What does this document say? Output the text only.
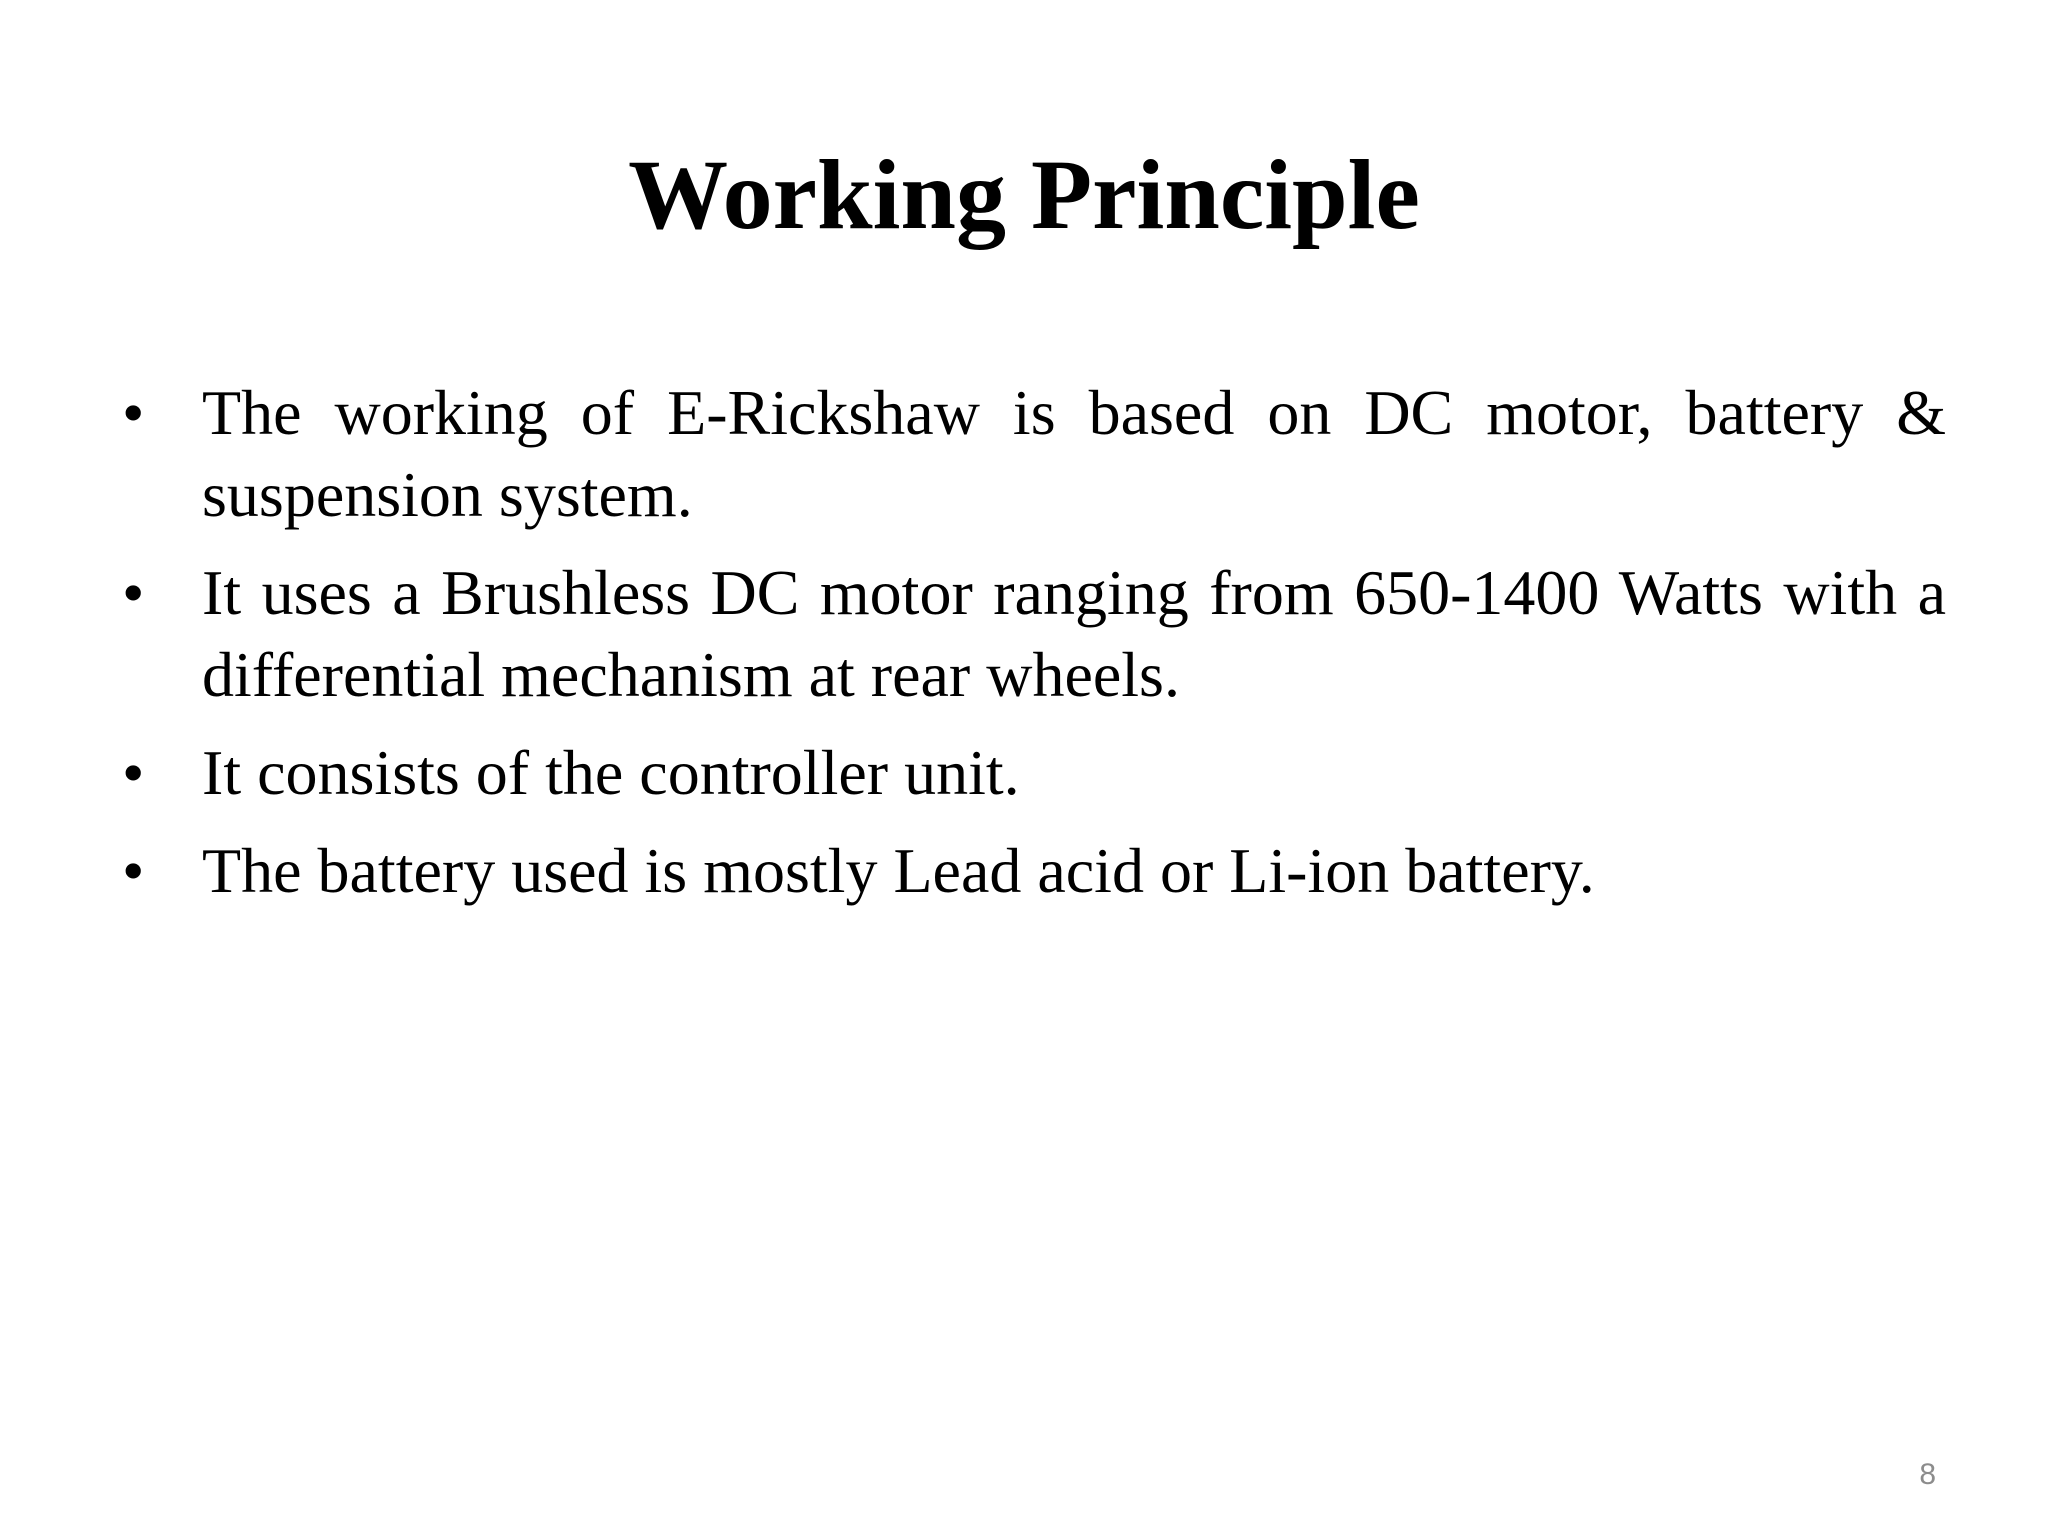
Working Principle
• The working of E-Rickshaw is based on DC motor, battery & suspension system.
• It uses a Brushless DC motor ranging from 650-1400 Watts with a differential mechanism at rear wheels.
• It consists of the controller unit.
• The battery used is mostly Lead acid or Li-ion battery.
8
